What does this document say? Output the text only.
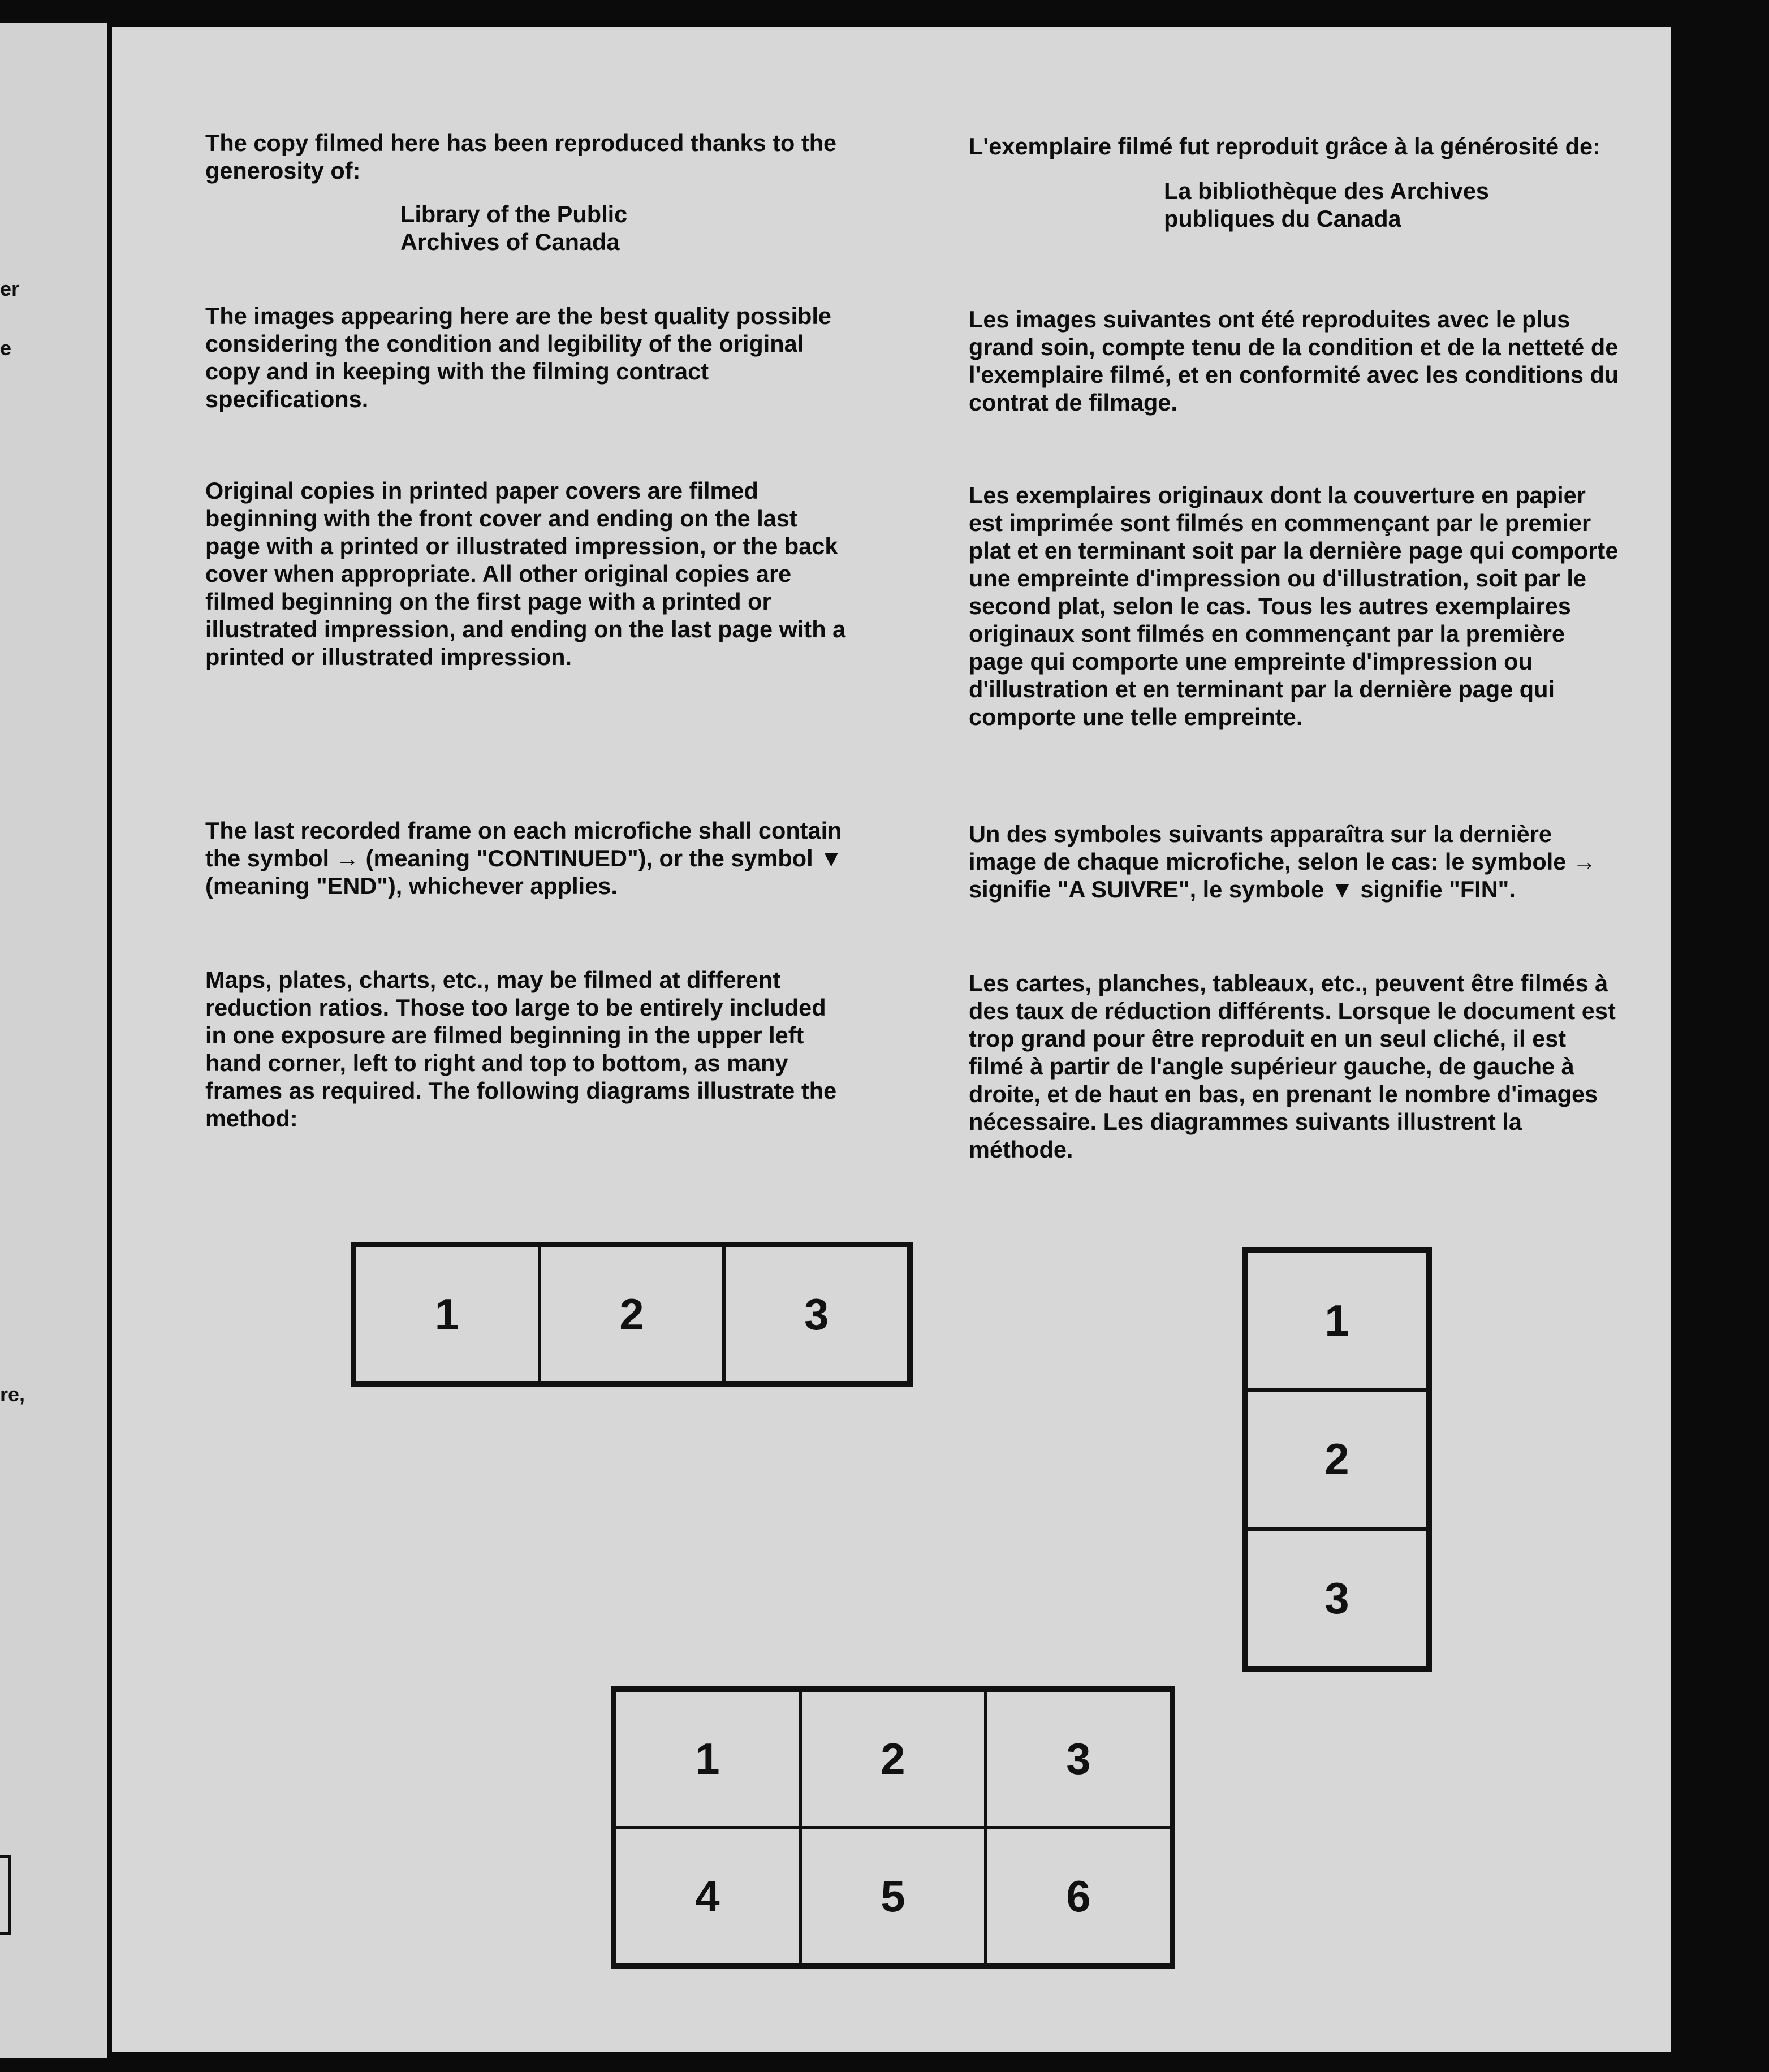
er
e
re,

The copy filmed here has been reproduced thanks to the generosity of:

Library of the Public

Archives of Canada

The images appearing here are the best quality possible considering the condition and legibility of the original copy and in keeping with the filming contract specifications.

Original copies in printed paper covers are filmed beginning with the front cover and ending on the last page with a printed or illustrated impression, or the back cover when appropriate. All other original copies are filmed beginning on the first page with a printed or illustrated impression, and ending on the last page with a printed or illustrated impression.

The last recorded frame on each microfiche shall contain the symbol → (meaning "CONTINUED"), or the symbol ▼ (meaning "END"), whichever applies.

Maps, plates, charts, etc., may be filmed at different reduction ratios. Those too large to be entirely included in one exposure are filmed beginning in the upper left hand corner, left to right and top to bottom, as many frames as required. The following diagrams illustrate the method:

L'exemplaire filmé fut reproduit grâce à la générosité de:

La bibliothèque des Archives

publiques du Canada

Les images suivantes ont été reproduites avec le plus grand soin, compte tenu de la condition et de la netteté de l'exemplaire filmé, et en conformité avec les conditions du contrat de filmage.

Les exemplaires originaux dont la couverture en papier est imprimée sont filmés en commençant par le premier plat et en terminant soit par la dernière page qui comporte une empreinte d'impression ou d'illustration, soit par le second plat, selon le cas. Tous les autres exemplaires originaux sont filmés en commençant par la première page qui comporte une empreinte d'impression ou d'illustration et en terminant par la dernière page qui comporte une telle empreinte.

Un des symboles suivants apparaîtra sur la dernière image de chaque microfiche, selon le cas: le symbole → signifie "A SUIVRE", le symbole ▼ signifie "FIN".

Les cartes, planches, tableaux, etc., peuvent être filmés à des taux de réduction différents. Lorsque le document est trop grand pour être reproduit en un seul cliché, il est filmé à partir de l'angle supérieur gauche, de gauche à droite, et de haut en bas, en prenant le nombre d'images nécessaire. Les diagrammes suivants illustrent la méthode.

1	2	3	1
2
3
1	2	3
4	5	6
